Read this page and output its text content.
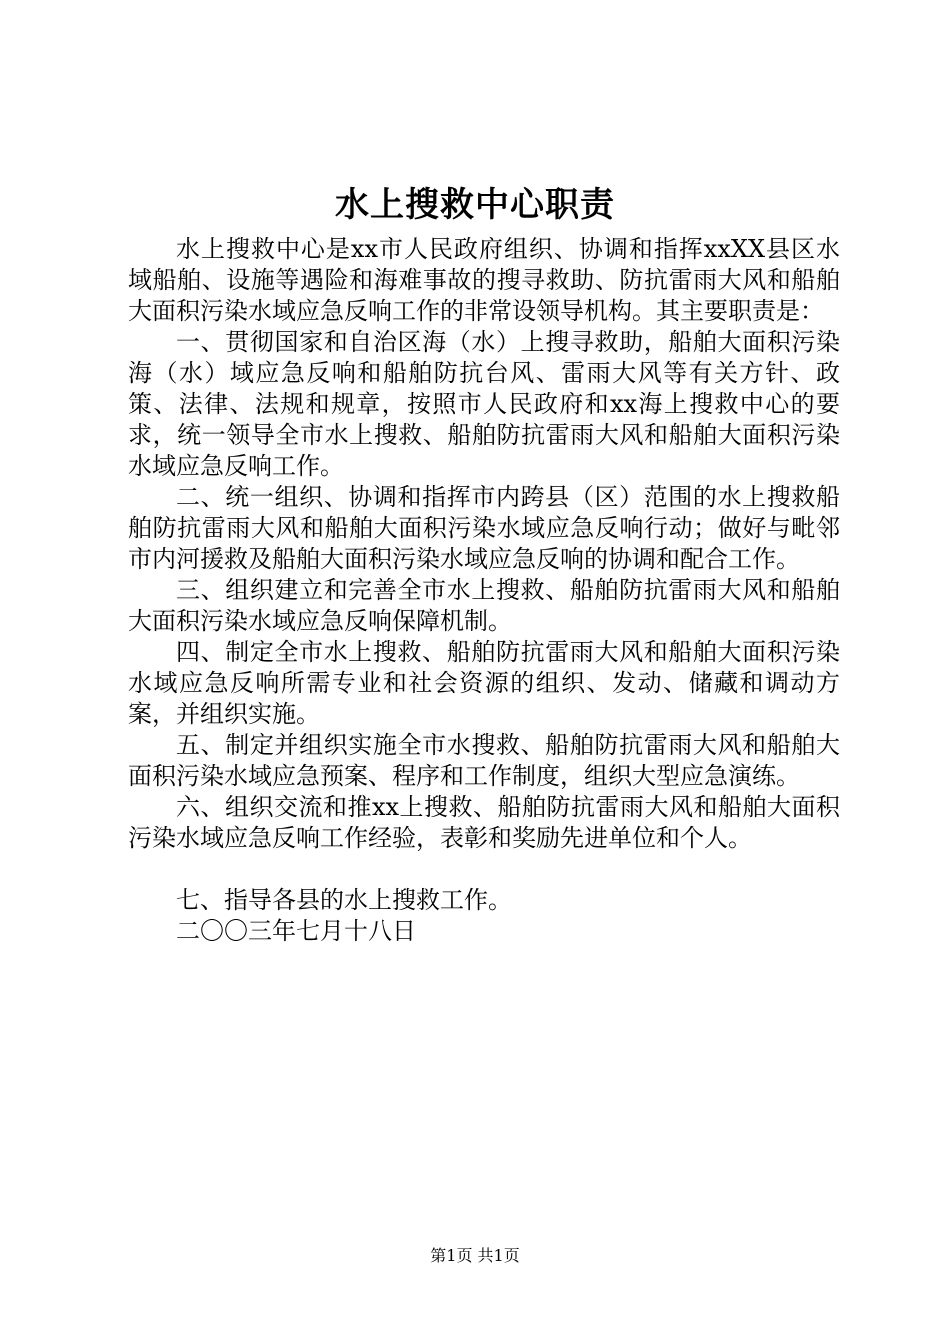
水上搜救中心职责

水上搜救中心是xx市人民政府组织、协调和指挥xxXX县区水域船舶、设施等遇险和海难事故的搜寻救助、防抗雷雨大风和船舶大面积污染水域应急反响工作的非常设领导机构。其主要职责是：

一、贯彻国家和自治区海（水）上搜寻救助，船舶大面积污染海（水）域应急反响和船舶防抗台风、雷雨大风等有关方针、政策、法律、法规和规章，按照市人民政府和xx海上搜救中心的要求，统一领导全市水上搜救、船舶防抗雷雨大风和船舶大面积污染水域应急反响工作。

二、统一组织、协调和指挥市内跨县（区）范围的水上搜救船舶防抗雷雨大风和船舶大面积污染水域应急反响行动；做好与毗邻市内河援救及船舶大面积污染水域应急反响的协调和配合工作。

三、组织建立和完善全市水上搜救、船舶防抗雷雨大风和船舶大面积污染水域应急反响保障机制。

四、制定全市水上搜救、船舶防抗雷雨大风和船舶大面积污染水域应急反响所需专业和社会资源的组织、发动、储藏和调动方案，并组织实施。

五、制定并组织实施全市水搜救、船舶防抗雷雨大风和船舶大面积污染水域应急预案、程序和工作制度，组织大型应急演练。

六、组织交流和推xx上搜救、船舶防抗雷雨大风和船舶大面积污染水域应急反响工作经验，表彰和奖励先进单位和个人。

七、指导各县的水上搜救工作。

二〇〇三年七月十八日

第1页 共1页
